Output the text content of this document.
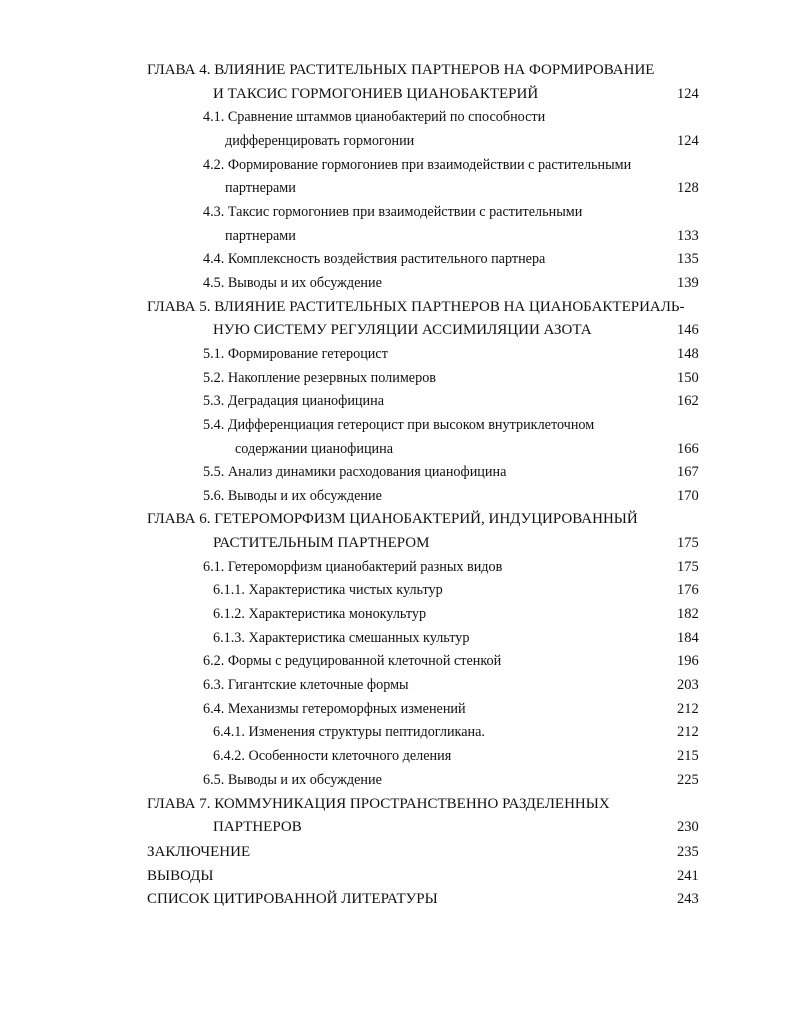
ГЛАВА 4. ВЛИЯНИЕ РАСТИТЕЛЬНЫХ ПАРТНЕРОВ НА ФОРМИРОВАНИЕ
И ТАКСИС ГОРМОГОНИЕВ ЦИАНОБАКТЕРИЙ	124
4.1. Сравнение штаммов цианобактерий по способности
дифференцировать гормогонии	124
4.2. Формирование гормогониев при взаимодействии с растительными
партнерами	128
4.3. Таксис гормогониев при взаимодействии с растительными
партнерами	133
4.4. Комплексность воздействия растительного партнера	135
4.5. Выводы и их обсуждение	139
ГЛАВА 5. ВЛИЯНИЕ РАСТИТЕЛЬНЫХ ПАРТНЕРОВ НА ЦИАНОБАКТЕРИАЛЬ-
НУЮ СИСТЕМУ РЕГУЛЯЦИИ АССИМИЛЯЦИИ АЗОТА	146
5.1. Формирование гетероцист	148
5.2. Накопление резервных полимеров	150
5.3. Деградация цианофицина	162
5.4. Дифференциация гетероцист при высоком внутриклеточном
содержании цианофицина	166
5.5. Анализ динамики расходования цианофицина	167
5.6. Выводы и их обсуждение	170
ГЛАВА 6. ГЕТЕРОМОРФИЗМ ЦИАНОБАКТЕРИЙ, ИНДУЦИРОВАННЫЙ
РАСТИТЕЛЬНЫМ ПАРТНЕРОМ	175
6.1. Гетероморфизм цианобактерий разных видов	175
6.1.1. Характеристика чистых культур	176
6.1.2. Характеристика монокультур	182
6.1.3. Характеристика смешанных культур	184
6.2. Формы с редуцированной клеточной стенкой	196
6.3. Гигантские клеточные формы	203
6.4. Механизмы гетероморфных изменений	212
6.4.1. Изменения структуры пептидогликана.	212
6.4.2. Особенности клеточного деления	215
6.5. Выводы и их обсуждение	225
ГЛАВА 7. КОММУНИКАЦИЯ ПРОСТРАНСТВЕННО РАЗДЕЛЕННЫХ
ПАРТНЕРОВ	230
ЗАКЛЮЧЕНИЕ	235
ВЫВОДЫ	241
СПИСОК ЦИТИРОВАННОЙ ЛИТЕРАТУРЫ	243
